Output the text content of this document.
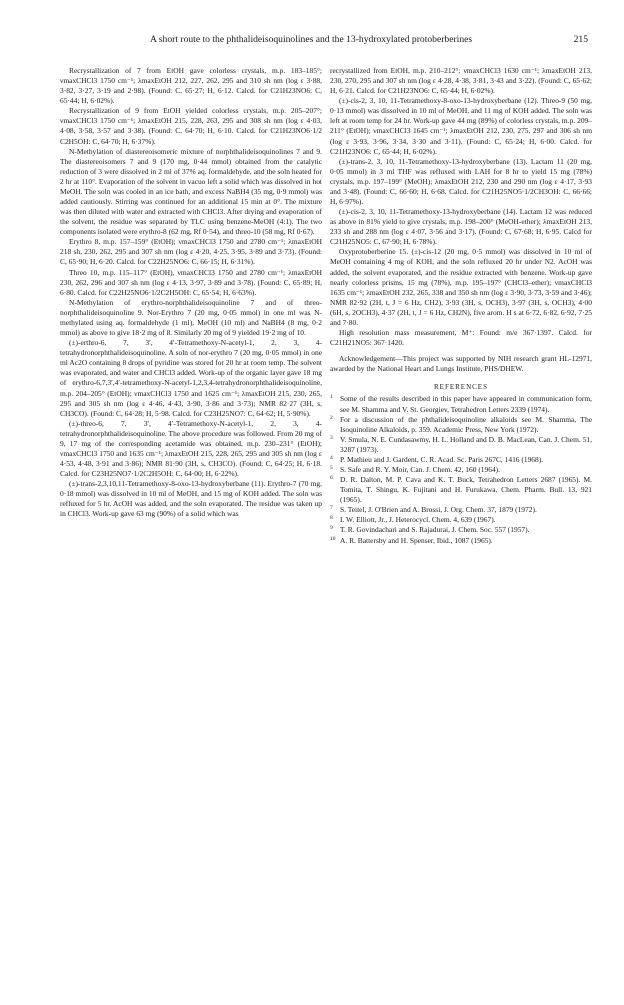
A short route to the phthalideisoquinolines and the 13-hydroxylated protoberberines	215

Recrystallization of 7 from EtOH gave colorless crystals, m.p. 183–185°; νmaxCHCl3 1750 cm⁻¹; λmaxEtOH 212, 227, 262, 295 and 310 sh nm (log ε 3·88, 3·82, 3·27, 3·19 and 2·98). (Found: C, 65·27; H, 6·12. Calcd. for C21H23NO6: C, 65·44; H, 6·02%).

Recrystallization of 9 from EtOH yielded colorless crystals, m.p. 205–207°; νmaxCHCl3 1750 cm⁻¹; λmaxEtOH 215, 228, 263, 295 and 308 sh nm (log ε 4·03, 4·08, 3·58, 3·57 and 3·38). (Found: C, 64·70; H, 6·10. Calcd. for C21H23NO6·1/2 C2H5OH: C, 64·70; H, 6·37%).

N-Methylation of diastereoisomeric mixture of norphthalideisoquinolines 7 and 9. The diastereoisomers 7 and 9 (170 mg, 0·44 mmol) obtained from the catalytic reduction of 3 were dissolved in 2 ml of 37% aq. formaldehyde, and the soln heated for 2 hr at 110°. Evaporation of the solvent in vacuo left a solid which was dissolved in hot MeOH. The soln was cooled in an ice bath, and excess NaBH4 (35 mg, 0·9 mmol) was added cautiously. Stirring was continued for an additional 15 min at 0°. The mixture was then diluted with water and extracted with CHCl3. After drying and evaporation of the solvent, the residue was separated by TLC using benzene-MeOH (4:1). The two components isolated were erythro-8 (62 mg, Rf 0·54), and threo-10 (58 mg, Rf 0·67).

Erythro 8, m.p. 157–159° (EtOH); νmaxCHCl3 1750 and 2780 cm⁻¹; λmaxEtOH 218 sh, 230, 262, 295 and 307 sh nm (log ε 4·20, 4·25, 3·95, 3·89 and 3·73). (Found: C, 65·90; H, 6·20. Calcd. for C22H25NO6: C, 66·15; H, 6·31%).

Threo 10, m.p. 115–117° (EtOH), νmaxCHCl3 1750 and 2780 cm⁻¹; λmaxEtOH 230, 262, 296 and 307 sh nm (log ε 4·13, 3·97, 3·89 and 3·78). (Found: C, 65·89; H, 6·80. Calcd. for C22H25NO6·1/2C2H5OH: C, 65·54; H, 6·63%).

N-Methylation of erythro-norphthalideisoquinoline 7 and of threo-norphthalideisoquinoline 9. Nor-Erythro 7 (20 mg, 0·05 mmol) in one ml was N-methylated using aq. formaldehyde (1 ml), MeOH (10 ml) and NaBH4 (8 mg, 0·2 mmol) as above to give 18·2 mg of 8. Similarly 20 mg of 9 yielded 19·2 mg of 10.

(±)-erthro-6, 7, 3′, 4′-Tetramethoxy-N-acetyl-1, 2, 3, 4-tetrahydronorphthalideisoquinoline. A soln of nor-erythro 7 (20 mg, 0·05 mmol) in one ml Ac2O containing 8 drops of pyridine was stored for 20 hr at room temp. The solvent was evaporated, and water and CHCl3 added. Work-up of the organic layer gave 18 mg of erythro-6,7,3′,4′-tetramethoxy-N-acetyl-1,2,3,4-tetrahydronorphthalideisoquinoline, m.p. 204–205° (EtOH); νmaxCHCl3 1750 and 1625 cm⁻¹; λmaxEtOH 215, 230, 265, 295 and 305 sh nm (log ε 4·46, 4·43, 3·90, 3·86 and 3·73); NMR 82·27 (3H, s, CH3CO). (Found: C, 64·28; H, 5·98. Calcd. for C23H25NO7: C, 64·62; H, 5·90%).

(±)-threo-6, 7, 3′, 4′-Tetramethoxy-N-acetyl-1, 2, 3, 4-tetrahydronorphthalideisoquinoline. The above procedure was followed. From 20 mg of 9, 17 mg of the corresponding acetamide was obtained, m.p. 230–231° (EtOH); νmaxCHCl3 1750 and 1635 cm⁻¹; λmaxEtOH 215, 228, 265, 295 and 305 sh nm (log ε 4·53, 4·48, 3·91 and 3·86); NMR 81·90 (3H, s, CH3CO). (Found: C, 64·25; H, 6·18. Calcd. for C23H25NO7·1/2C2H5OH: C, 64·00; H, 6·22%).

(±)-trans-2,3,10,11-Tetramethoxy-8-oxo-13-hydroxyberbane (11). Erythro-7 (70 mg, 0·18 mmol) was dissolved in 10 ml of MeOH, and 15 mg of KOH added. The soln was refluxed for 5 hr. AcOH was added, and the soln evaporated. The residue was taken up in CHCl3. Work-up gave 63 mg (90%) of a solid which was

recrystallized from EtOH, m.p. 210–212°; νmaxCHCl3 1630 cm⁻¹; λmaxEtOH 213, 230, 270, 295 and 307 sh nm (log ε 4·28, 4·38, 3·81, 3·43 and 3·22). (Found: C, 65·62; H, 6·21. Calcd. for C21H23NO6: C, 65·44; H, 6·02%).

(±)-cis-2, 3, 10, 11-Tetramethoxy-8-oxo-13-hydroxyberbane (12). Threo-9 (50 mg, 0·13 mmol) was dissolved in 10 ml of MeOH, and 11 mg of KOH added. The soln was left at room temp for 24 hr. Work-up gave 44 mg (89%) of colorless crystals, m.p. 209–211° (EtOH); νmaxCHCl3 1645 cm⁻¹; λmaxEtOH 212, 230, 275, 297 and 306 sh nm (log ε 3·93, 3·96, 3·34, 3·30 and 3·11). (Found: C, 65·24; H, 6·00. Calcd. for C21H23NO6: C, 65·44; H, 6·02%).

(±)-trans-2, 3, 10, 11-Tetramethoxy-13-hydroxyberbane (13). Lactam 11 (20 mg, 0·05 mmol) in 3 ml THF was refluxed with LAH for 8 hr to yield 15 mg (78%) crystals, m.p. 197–199° (MeOH); λmaxEtOH 212, 230 and 290 nm (log ε 4·17, 3·93 and 3·48). (Found: C, 66·60; H, 6·68. Calcd. for C21H25NO5·1/2CH3OH: C, 66·66; H, 6·97%).

(±)-cis-2, 3, 10, 11-Tetramethoxy-13-hydroxyberbane (14). Lactam 12 was reduced as above in 81% yield to give crystals, m.p. 198–200° (MeOH-ether); λmaxEtOH 213, 233 sh and 288 nm (log ε 4·07, 3·56 and 3·17). (Found: C, 67·68; H, 6·95. Calcd for C21H25NO5: C, 67·90; H, 6·78%).

Oxyprotoberberine 15. (±)-cis-12 (20 mg, 0·5 mmol) was dissolved in 10 ml of MeOH containing 4 mg of KOH, and the soln refluxed 20 hr under N2. AcOH was added, the solvent evaporated, and the residue extracted with benzene. Work-up gave nearly colorless prisms, 15 mg (78%), m.p. 195–197° (CHCl3–ether); νmaxCHCl3 1635 cm⁻¹; λmaxEtOH 232, 265, 338 and 350 sh nm (log ε 3·90, 3·73, 3·59 and 3·46); NMR 82·92 (2H, t, J = 6 Hz, CH2), 3·93 (3H, s, OCH3), 3·97 (3H, s, OCH3), 4·00 (6H, s, 2OCH3), 4·37 (2H, t, J = 6 Hz, CH2N), five arom. H s at 6·72, 6·82, 6·92, 7·25 and 7·80.

High resolution mass measurement, M⁺: Found: m/e 367·1397. Calcd. for C21H21NO5: 367·1420.

Acknowledgement—This project was supported by NIH research grant HL-12971, awarded by the National Heart and Lungs Institute, PHS/DHEW.

REFERENCES

1 Some of the results described in this paper have appeared in communication form, see M. Shamma and V. St. Georgiev, Tetrahedron Letters 2339 (1974).

2 For a discussion of the phthalideisoquinoline alkaloids see M. Shamma, The Isoquinoline Alkaloids, p. 359. Academic Press, New York (1972).

3 V. Smula, N. E. Cundasawmy, H. L. Holland and D. B. MacLean, Can. J. Chem. 51, 3287 (1973).

4 P. Mathieu and J. Gardent, C. R. Acad. Sc. Paris 267C, 1416 (1968).

5 S. Safe and R. Y. Moir, Can. J. Chem. 42, 160 (1964).

6 D. R. Dalton, M. P. Cava and K. T. Buck, Tetrahedron Letters 2687 (1965). M. Tomita, T. Shingu, K. Fujitani and H. Furukawa, Chem. Pharm. Bull. 13, 921 (1965).

7 S. Teitel, J. O'Brien and A. Brossi, J. Org. Chem. 37, 1879 (1972).

8 I. W. Elliott, Jr., J. Heterocycl. Chem. 4, 639 (1967).

9 T. R. Govindachari and S. Rajadurai, J. Chem. Soc. 557 (1957).

10 A. R. Battersby and H. Spenser, Ibid., 1087 (1965).
